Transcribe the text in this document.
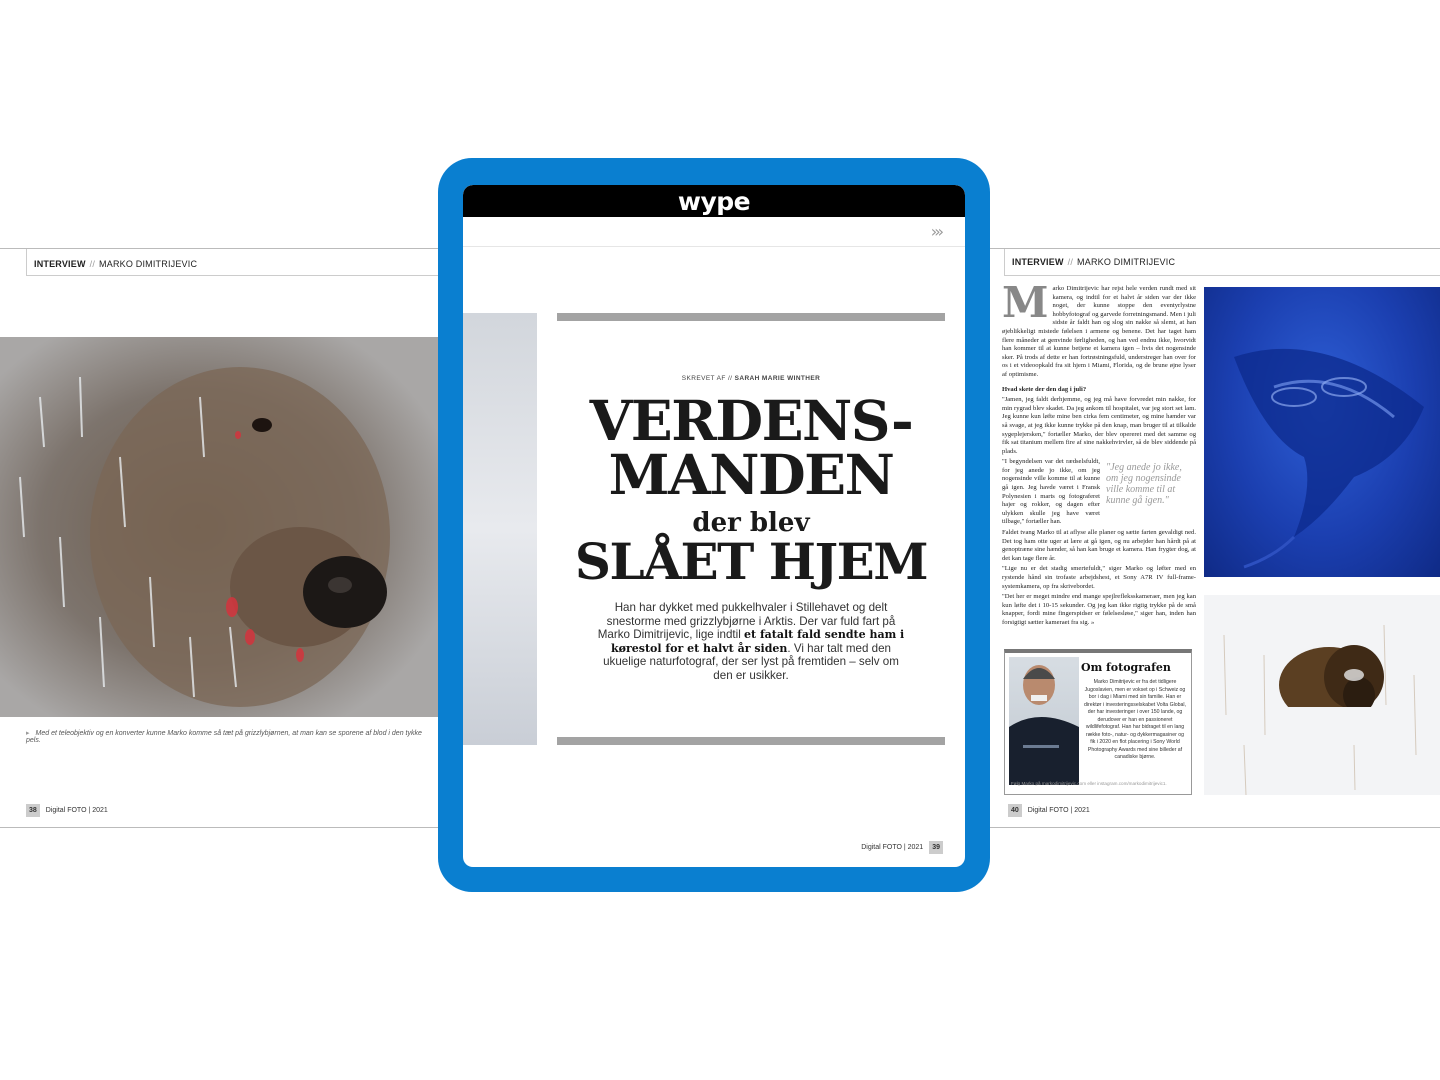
INTERVIEW // MARKO DIMITRIJEVIC
▸ Med et teleobjektiv og en konverter kunne Marko komme så tæt på grizzlybjørnen, at man kan se sporene af blod i den tykke pels.
38 Digital FOTO | 2021
INTERVIEW // MARKO DIMITRIJEVIC
M arko Dimitrijevic har rejst hele verden rundt med sit kamera, og indtil for et halvt år siden var der ikke noget, der kunne stoppe den eventyrlystne hobbyfotograf og garvede forretningsmand. Men i juli sidste år faldt han og slog sin nakke så slemt, at han øjeblikkeligt mistede følelsen i armene og benene. Det har taget ham flere måneder at genvinde førligheden, og han ved endnu ikke, hvorvidt han kommer til at kunne betjene et kamera igen – hvis det nogensinde sker. På trods af dette er han fortrøstningsfuld, understreger han over for os i et videoopkald fra sit hjem i Miami, Florida, og de brune øjne lyser af optimisme.

Hvad skete der den dag i juli?

"Jamen, jeg faldt derhjemme, og jeg må have forvredet min nakke, for min rygrad blev skadet. Da jeg ankom til hospitalet, var jeg stort set lam. Jeg kunne kun løfte mine ben cirka fem centimeter, og mine hænder var så svage, at jeg ikke kunne trykke på den knap, man bruger til at tilkalde sygeplejersken," fortæller Marko, der blev opereret med det samme og fik sat titanium mellem fire af sine nakkehvirvler, så de blev siddende på plads.

"Jeg anede jo ikke, om jeg nogensinde ville komme til at kunne gå igen."

"I begyndelsen var det rædselsfuldt, for jeg anede jo ikke, om jeg nogensinde ville komme til at kunne gå igen. Jeg havde været i Fransk Polynesien i marts og fotograferet hajer og rokker, og dagen efter ulykken skulle jeg have været tilbage," fortæller han.

Faldet tvang Marko til at aflyse alle planer og sætte farten gevaldigt ned. Det tog ham otte uger at lære at gå igen, og nu arbejder han hårdt på at genoptræne sine hænder, så han kan bruge et kamera. Han frygter dog, at det kan tage flere år.

"Lige nu er det stadig smertefuldt," siger Marko og løfter med en rystende hånd sin trofaste arbejdshest, et Sony A7R IV full-frame-systemkamera, op fra skrivebordet.

"Det her er meget mindre end mange spejlrefleksskameraer, men jeg kan kun løfte det i 10-15 sekunder. Og jeg kan ikke rigtig trykke på de små knapper, fordi mine fingerspidser er følelsesløse," siger han, inden han forsigtigt sætter kameraet fra sig. »

Om fotografen
Marko Dimitrijevic er fra det tidligere Jugoslavien, men er vokset op i Schweiz og bor i dag i Miami med sin familie. Han er direktør i investeringsselskabet Volta Global, der har investeringer i over 150 lande, og derudover er han en passioneret wildlifefotograf. Han har bidraget til en lang række foto-, natur- og dykkermagasiner og fik i 2020 en flot placering i Sony World Photography Awards med sine billeder af canadiske bjørne.
Følg Marko på markodimitrijevic.com eller instagram.com/markodimitrijevic1.
40 Digital FOTO | 2021
wype
›››
SKREVET AF // SARAH MARIE WINTHER
VERDENS-
MANDEN
der blev
SLÅET HJEM
Han har dykket med pukkelhvaler i Stillehavet og delt snestorme med grizzlybjørne i Arktis. Der var fuld fart på Marko Dimitrijevic, lige indtil et fatalt fald sendte ham i kørestol for et halvt år siden. Vi har talt med den ukuelige naturfotograf, der ser lyst på fremtiden – selv om den er usikker.
Digital FOTO | 2021 39
